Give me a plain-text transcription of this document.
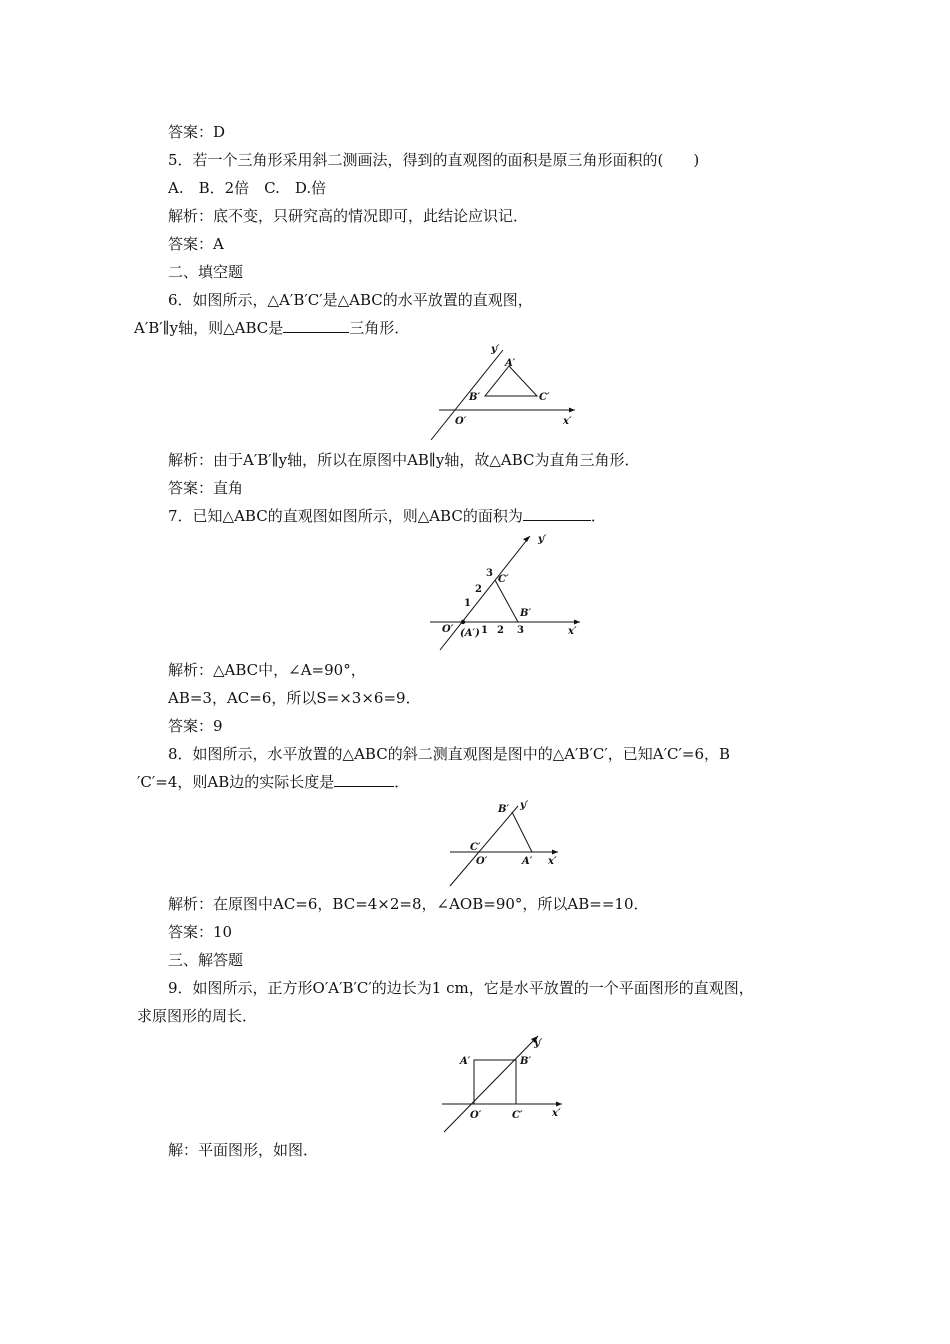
答案：D
5．若一个三角形采用斜二测画法，得到的直观图的面积是原三角形面积的(　　)
A.　B．2倍　C.　D.倍
解析：底不变，只研究高的情况即可，此结论应识记．
答案：A
二、填空题
6．如图所示，△A′B′C′是△ABC的水平放置的直观图，
A′B′∥y轴，则△ABC是	三角形．
y′
A′
B′	C′
O′	x′
解析：由于A′B′∥y轴，所以在原图中AB∥y轴，故△ABC为直角三角形．
答案：直角
7．已知△ABC的直观图如图所示，则△ABC的面积为	．
y′
C′
B′
O′ (A′)	x′
3
2
1
1 2 3
解析：△ABC中，∠A=90°，
AB=3，AC=6，所以S=×3×6=9．
答案：9
8．如图所示，水平放置的△ABC的斜二测直观图是图中的△A′B′C′，已知A′C′=6，B
′C′=4，则AB边的实际长度是	．
B′ y′
C′
O′	A′ x′
解析：在原图中AC=6，BC=4×2=8，∠AOB=90°，所以AB==10．
答案：10
三、解答题
9．如图所示，正方形O′A′B′C′的边长为1 cm，它是水平放置的一个平面图形的直观图，
求原图形的周长．
y′
A′	B′
O′	C′	x′
解：平面图形，如图．
